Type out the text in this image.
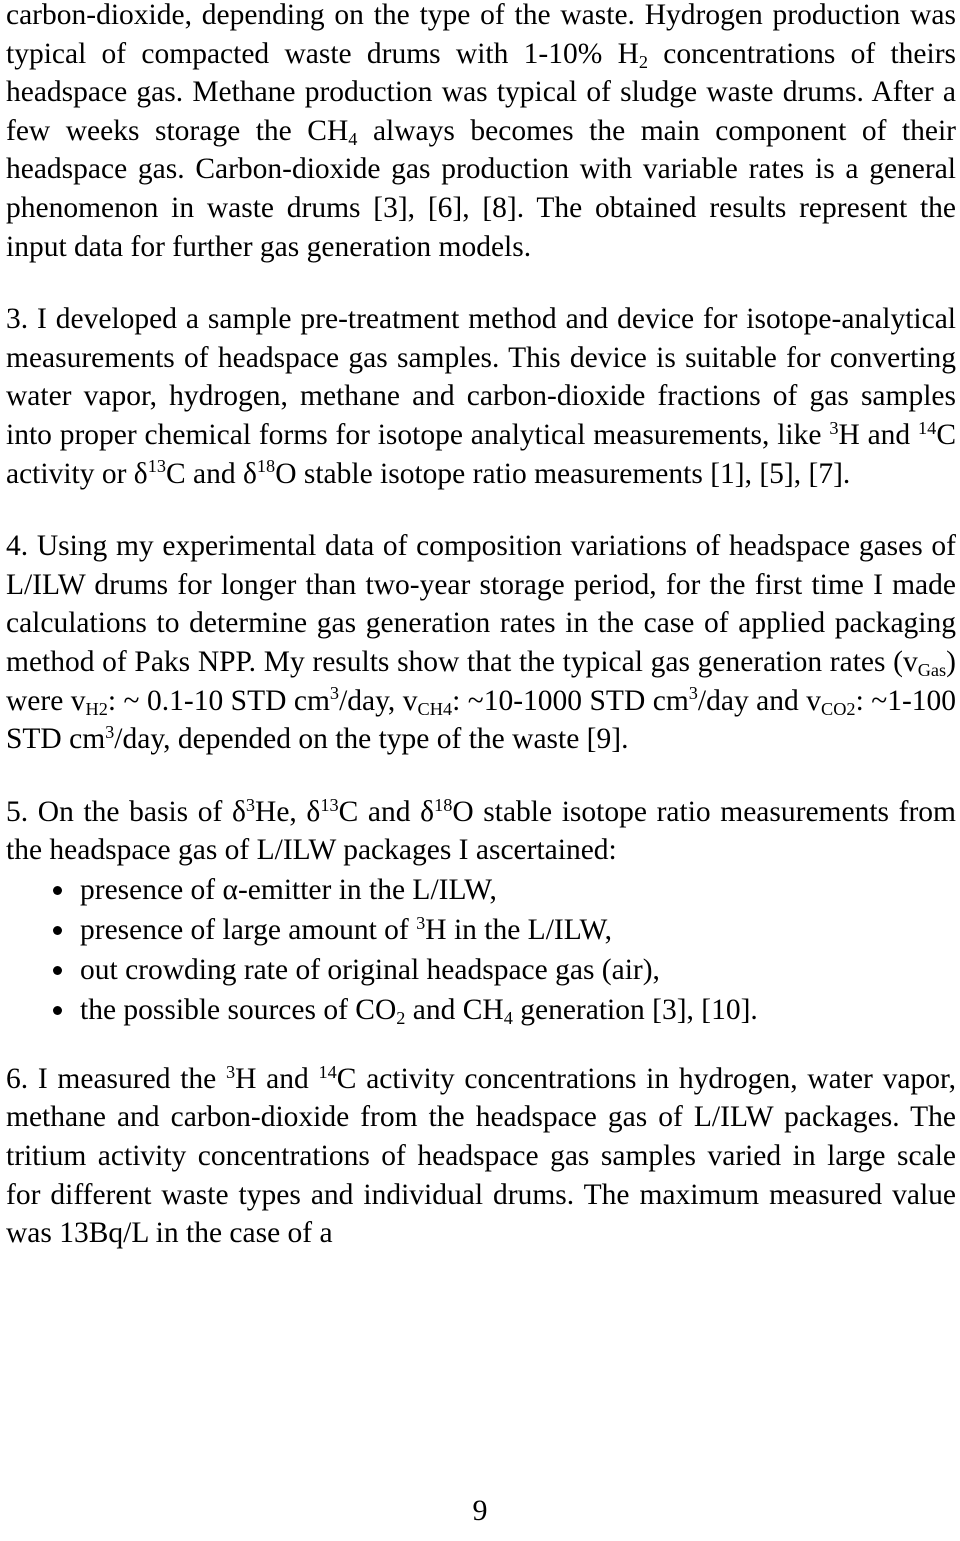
carbon-dioxide, depending on the type of the waste. Hydrogen production was typical of compacted waste drums with 1-10% $H_2$ concentrations of theirs headspace gas. Methane production was typical of sludge waste drums. After a few weeks storage the $CH_4$ always becomes the main component of their headspace gas. Carbon-dioxide gas production with variable rates is a general phenomenon in waste drums [3], [6], [8]. The obtained results represent the input data for further gas generation models.

3. I developed a sample pre-treatment method and device for isotope-analytical measurements of headspace gas samples. This device is suitable for converting water vapor, hydrogen, methane and carbon-dioxide fractions of gas samples into proper chemical forms for isotope analytical measurements, like $^3$H and $^{14}$C activity or $\delta^{13}C$ and $\delta^{18}O$ stable isotope ratio measurements [1], [5], [7].

4. Using my experimental data of composition variations of headspace gases of L/ILW drums for longer than two-year storage period, for the first time I made calculations to determine gas generation rates in the case of applied packaging method of Paks NPP. My results show that the typical gas generation rates $(v_{Gas})$ were $v_{H2}$: ~ 0.1-10 STD $cm^3$/day, $v_{CH4}$: ~10-1000 STD $cm^3$/day and $v_{CO2}$: ~1-100 STD $cm^3$/day, depended on the type of the waste [9].

5. On the basis of $\delta^3He$, $\delta^{13}C$ and $\delta^{18}O$ stable isotope ratio measurements from the headspace gas of L/ILW packages I ascertained:

presence of α-emitter in the L/ILW,
presence of large amount of $^3$H in the L/ILW,
out crowding rate of original headspace gas (air),
the possible sources of $CO_2$ and $CH_4$ generation [3], [10].

6. I measured the $^3$H and $^{14}$C activity concentrations in hydrogen, water vapor, methane and carbon-dioxide from the headspace gas of L/ILW packages. The tritium activity concentrations of headspace gas samples varied in large scale for different waste types and individual drums. The maximum measured value was 13Bq/L in the case of a

9
